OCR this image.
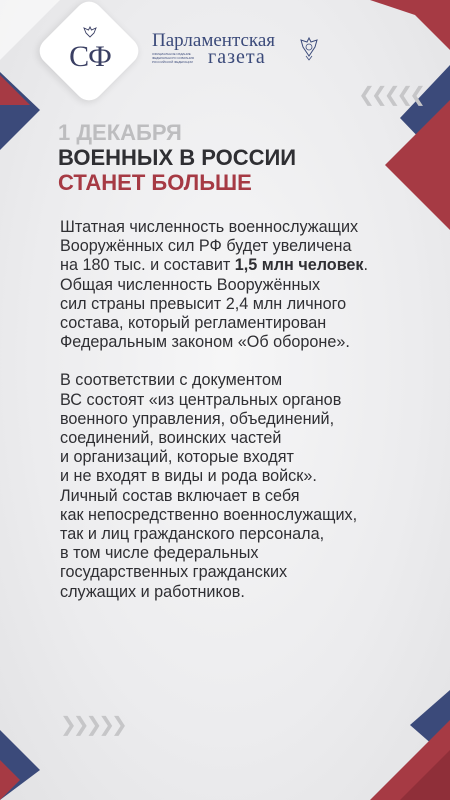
СФ	Парламентская
ОФИЦИАЛЬНОЕ ИЗДАНИЕ ФЕДЕРАЛЬНОГО СОБРАНИЯ РОССИЙСКОЙ ФЕДЕРАЦИИ газета
❮❮❮❮❮
❯❯❯❯❯
1 ДЕКАБРЯ
ВОЕННЫХ В РОССИИ
СТАНЕТ БОЛЬШЕ
Штатная численность военнослужащих
Вооружённых сил РФ будет увеличена
на 180 тыс. и составит 1,5 млн человек.
Общая численность Вооружённых
сил страны превысит 2,4 млн личного
состава, который регламентирован
Федеральным законом «Об обороне».
В соответствии с документом
ВС состоят «из центральных органов
военного управления, объединений,
соединений, воинских частей
и организаций, которые входят
и не входят в виды и рода войск».
Личный состав включает в себя
как непосредственно военнослужащих,
так и лиц гражданского персонала,
в том числе федеральных
государственных гражданских
служащих и работников.
